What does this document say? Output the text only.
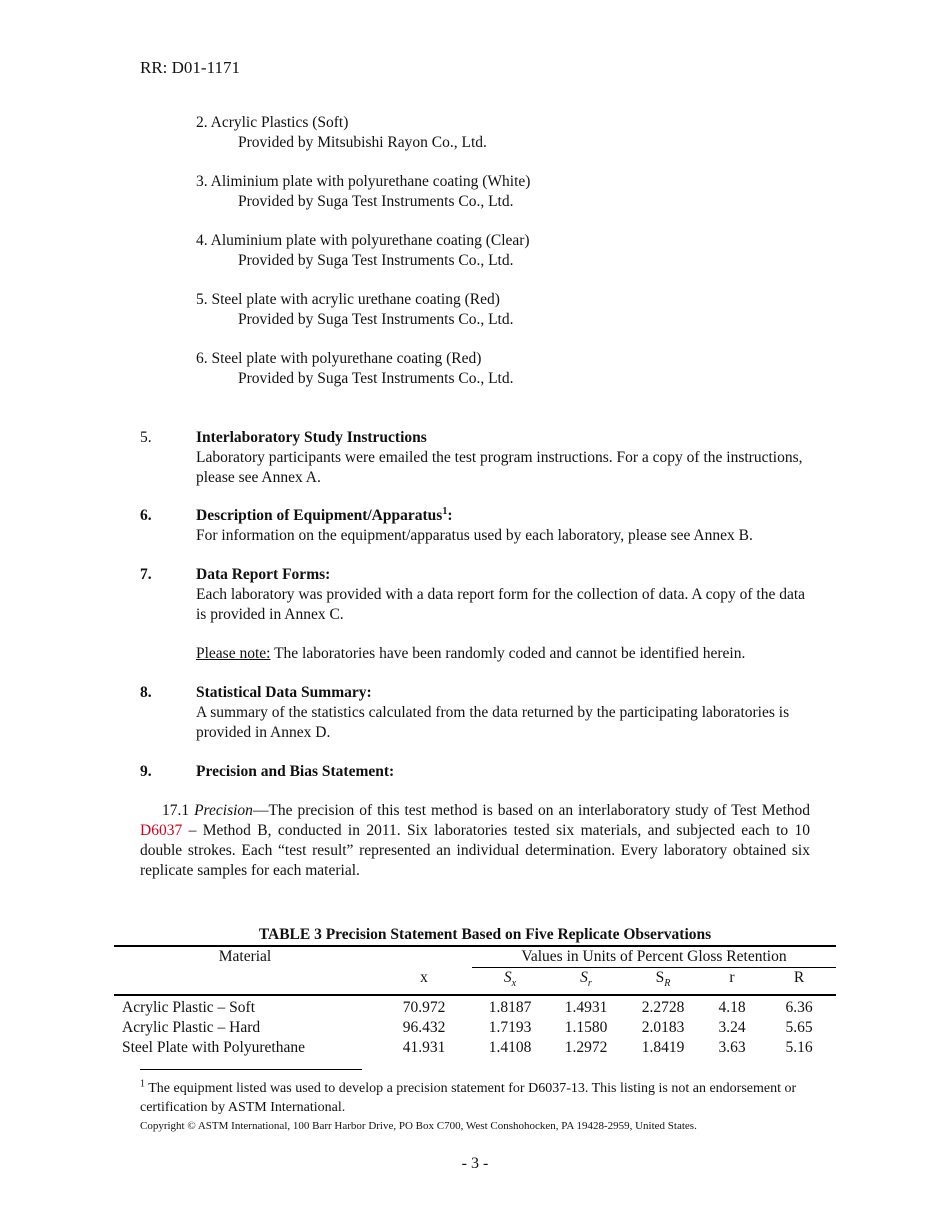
RR: D01-1171
2. Acrylic Plastics (Soft)
Provided by Mitsubishi Rayon Co., Ltd.
3. Aliminium plate with polyurethane coating (White)
Provided by Suga Test Instruments Co., Ltd.
4. Aluminium plate with polyurethane coating (Clear)
Provided by Suga Test Instruments Co., Ltd.
5. Steel plate with acrylic urethane coating (Red)
Provided by Suga Test Instruments Co., Ltd.
6. Steel plate with polyurethane coating (Red)
Provided by Suga Test Instruments Co., Ltd.
5.	Interlaboratory Study Instructions
Laboratory participants were emailed the test program instructions. For a copy of the instructions, please see Annex A.
6.	Description of Equipment/Apparatus$^1$:
For information on the equipment/apparatus used by each laboratory, please see Annex B.
7.	Data Report Forms:
Each laboratory was provided with a data report form for the collection of data. A copy of the data is provided in Annex C.
Please note: The laboratories have been randomly coded and cannot be identified herein.
8.	Statistical Data Summary:
A summary of the statistics calculated from the data returned by the participating laboratories is provided in Annex D.
9.	Precision and Bias Statement:
17.1 Precision—The precision of this test method is based on an interlaboratory study of Test Method D6037 – Method B, conducted in 2011. Six laboratories tested six materials, and subjected each to 10 double strokes. Each “test result” represented an individual determination. Every laboratory obtained six replicate samples for each material.
TABLE 3 Precision Statement Based on Five Replicate Observations
Material		Values in Units of Percent Gloss Retention				
	x	$S_x$	$S_r$	$S_R$	r	R
Acrylic Plastic – Soft	70.972	1.8187	1.4931	2.2728	4.18	6.36
Acrylic Plastic – Hard	96.432	1.7193	1.1580	2.0183	3.24	5.65
Steel Plate with Polyurethane	41.931	1.4108	1.2972	1.8419	3.63	5.16
$^1$ The equipment listed was used to develop a precision statement for D6037-13. This listing is not an endorsement or certification by ASTM International.
Copyright © ASTM International, 100 Barr Harbor Drive, PO Box C700, West Conshohocken, PA 19428-2959, United States.
- 3 -
